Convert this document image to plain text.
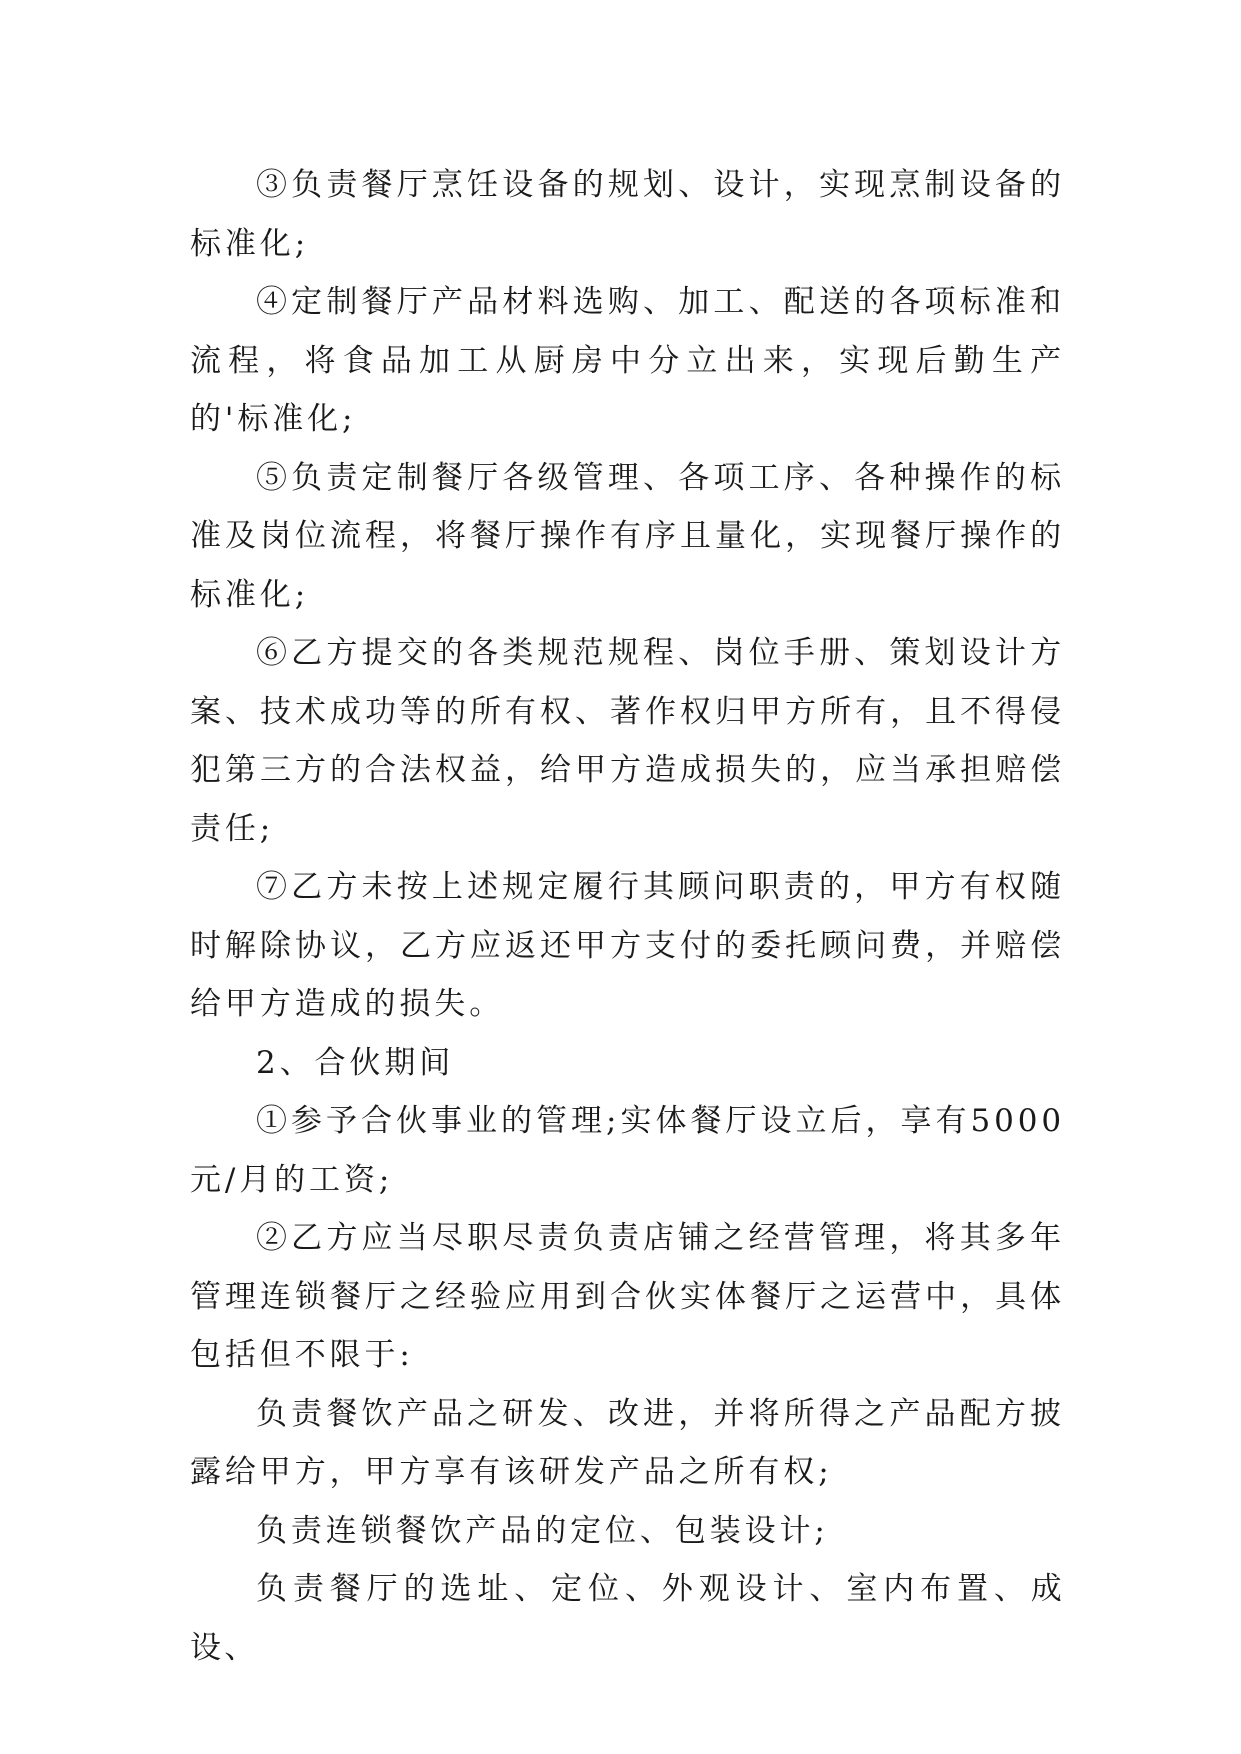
③负责餐厅烹饪设备的规划、设计，实现烹制设备的标准化;

④定制餐厅产品材料选购、加工、配送的各项标准和流程，将食品加工从厨房中分立出来，实现后勤生产的'标准化;

⑤负责定制餐厅各级管理、各项工序、各种操作的标准及岗位流程，将餐厅操作有序且量化，实现餐厅操作的标准化;

⑥乙方提交的各类规范规程、岗位手册、策划设计方案、技术成功等的所有权、著作权归甲方所有，且不得侵犯第三方的合法权益，给甲方造成损失的，应当承担赔偿责任;

⑦乙方未按上述规定履行其顾问职责的，甲方有权随时解除协议，乙方应返还甲方支付的委托顾问费，并赔偿给甲方造成的损失。

2、合伙期间

①参予合伙事业的管理;实体餐厅设立后，享有5000元/月的工资;

②乙方应当尽职尽责负责店铺之经营管理，将其多年管理连锁餐厅之经验应用到合伙实体餐厅之运营中，具体包括但不限于:

负责餐饮产品之研发、改进，并将所得之产品配方披露给甲方，甲方享有该研发产品之所有权;

负责连锁餐饮产品的定位、包装设计;

负责餐厅的选址、定位、外观设计、室内布置、成设、
